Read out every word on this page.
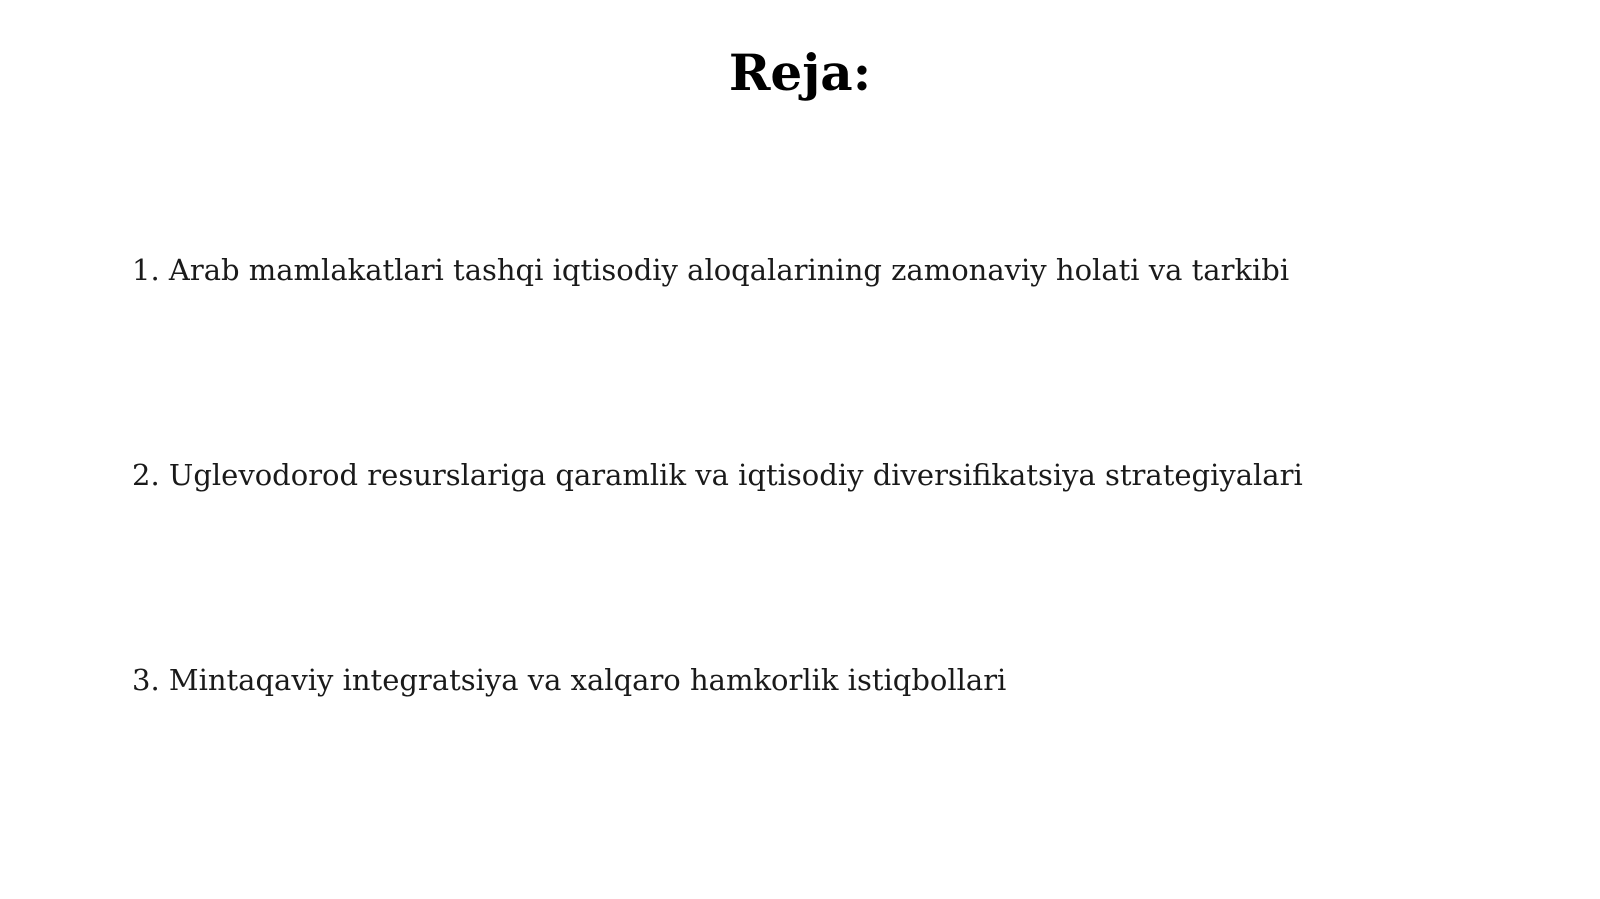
Reja:
1. Arab mamlakatlari tashqi iqtisodiy aloqalarining zamonaviy holati va tarkibi
2. Uglevodorod resurslariga qaramlik va iqtisodiy diversifikatsiya strategiyalari
3. Mintaqaviy integratsiya va xalqaro hamkorlik istiqbollari
